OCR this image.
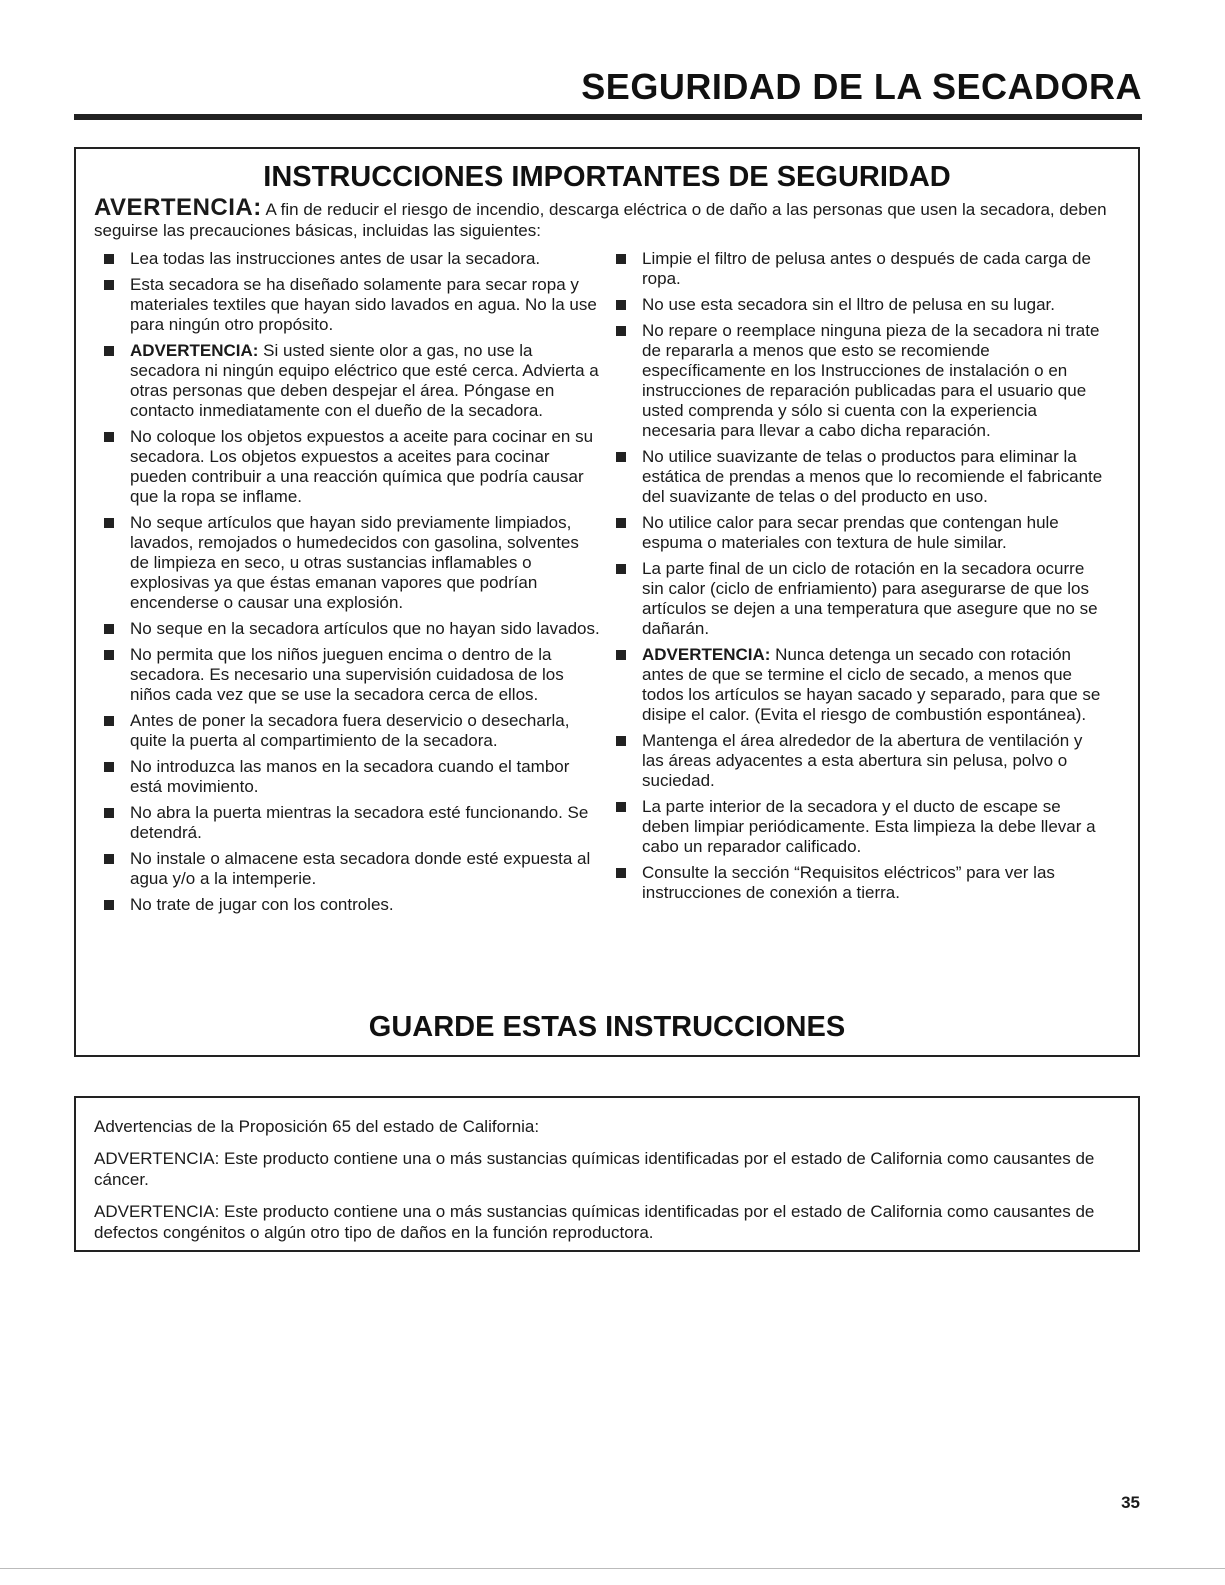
SEGURIDAD DE LA SECADORA
INSTRUCCIONES IMPORTANTES DE SEGURIDAD

AVERTENCIA: A fin de reducir el riesgo de incendio, descarga eléctrica o de daño a las personas que usen la secadora, deben seguirse las precauciones básicas, incluidas las siguientes:

Lea todas las instrucciones antes de usar la secadora.
Esta secadora se ha diseñado solamente para secar ropa y materiales textiles que hayan sido lavados en agua. No la use para ningún otro propósito.
ADVERTENCIA: Si usted siente olor a gas, no use la secadora ni ningún equipo eléctrico que esté cerca. Advierta a otras personas que deben despejar el área. Póngase en contacto inmediatamente con el dueño de la secadora.
No coloque los objetos expuestos a aceite para cocinar en su secadora. Los objetos expuestos a aceites para cocinar pueden contribuir a una reacción química que podría causar que la ropa se inflame.
No seque artículos que hayan sido previamente limpiados, lavados, remojados o humedecidos con gasolina, solventes de limpieza en seco, u otras sustancias inflamables o explosivas ya que éstas emanan vapores que podrían encenderse o causar una explosión.
No seque en la secadora artículos que no hayan sido lavados.
No permita que los niños jueguen encima o dentro de la secadora. Es necesario una supervisión cuidadosa de los niños cada vez que se use la secadora cerca de ellos.
Antes de poner la secadora fuera deservicio o desecharla, quite la puerta al compartimiento de la secadora.
No introduzca las manos en la secadora cuando el tambor está movimiento.
No abra la puerta mientras la secadora esté funcionando. Se detendrá.
No instale o almacene esta secadora donde esté expuesta al agua y/o a la intemperie.
No trate de jugar con los controles.
Limpie el filtro de pelusa antes o después de cada carga de ropa.
No use esta secadora sin el lltro de pelusa en su lugar.
No repare o reemplace ninguna pieza de la secadora ni trate de repararla a menos que esto se recomiende específicamente en los Instrucciones de instalación o en instrucciones de reparación publicadas para el usuario que usted comprenda y sólo si cuenta con la experiencia necesaria para llevar a cabo dicha reparación.
No utilice suavizante de telas o productos para eliminar la estática de prendas a menos que lo recomiende el fabricante del suavizante de telas o del producto en uso.
No utilice calor para secar prendas que contengan hule espuma o materiales con textura de hule similar.
La parte final de un ciclo de rotación en la secadora ocurre sin calor (ciclo de enfriamiento) para asegurarse de que los artículos se dejen a una temperatura que asegure que no se dañarán.
ADVERTENCIA: Nunca detenga un secado con rotación antes de que se termine el ciclo de secado, a menos que todos los artículos se hayan sacado y separado, para que se disipe el calor. (Evita el riesgo de combustión espontánea).
Mantenga el área alrededor de la abertura de ventilación y las áreas adyacentes a esta abertura sin pelusa, polvo o suciedad.
La parte interior de la secadora y el ducto de escape se deben limpiar periódicamente. Esta limpieza la debe llevar a cabo un reparador calificado.
Consulte la sección “Requisitos eléctricos” para ver las instrucciones de conexión a tierra.
GUARDE ESTAS INSTRUCCIONES

Advertencias de la Proposición 65 del estado de California:

ADVERTENCIA: Este producto contiene una o más sustancias químicas identificadas por el estado de California como causantes de cáncer.

ADVERTENCIA: Este producto contiene una o más sustancias químicas identificadas por el estado de California como causantes de defectos congénitos o algún otro tipo de daños en la función reproductora.

35
